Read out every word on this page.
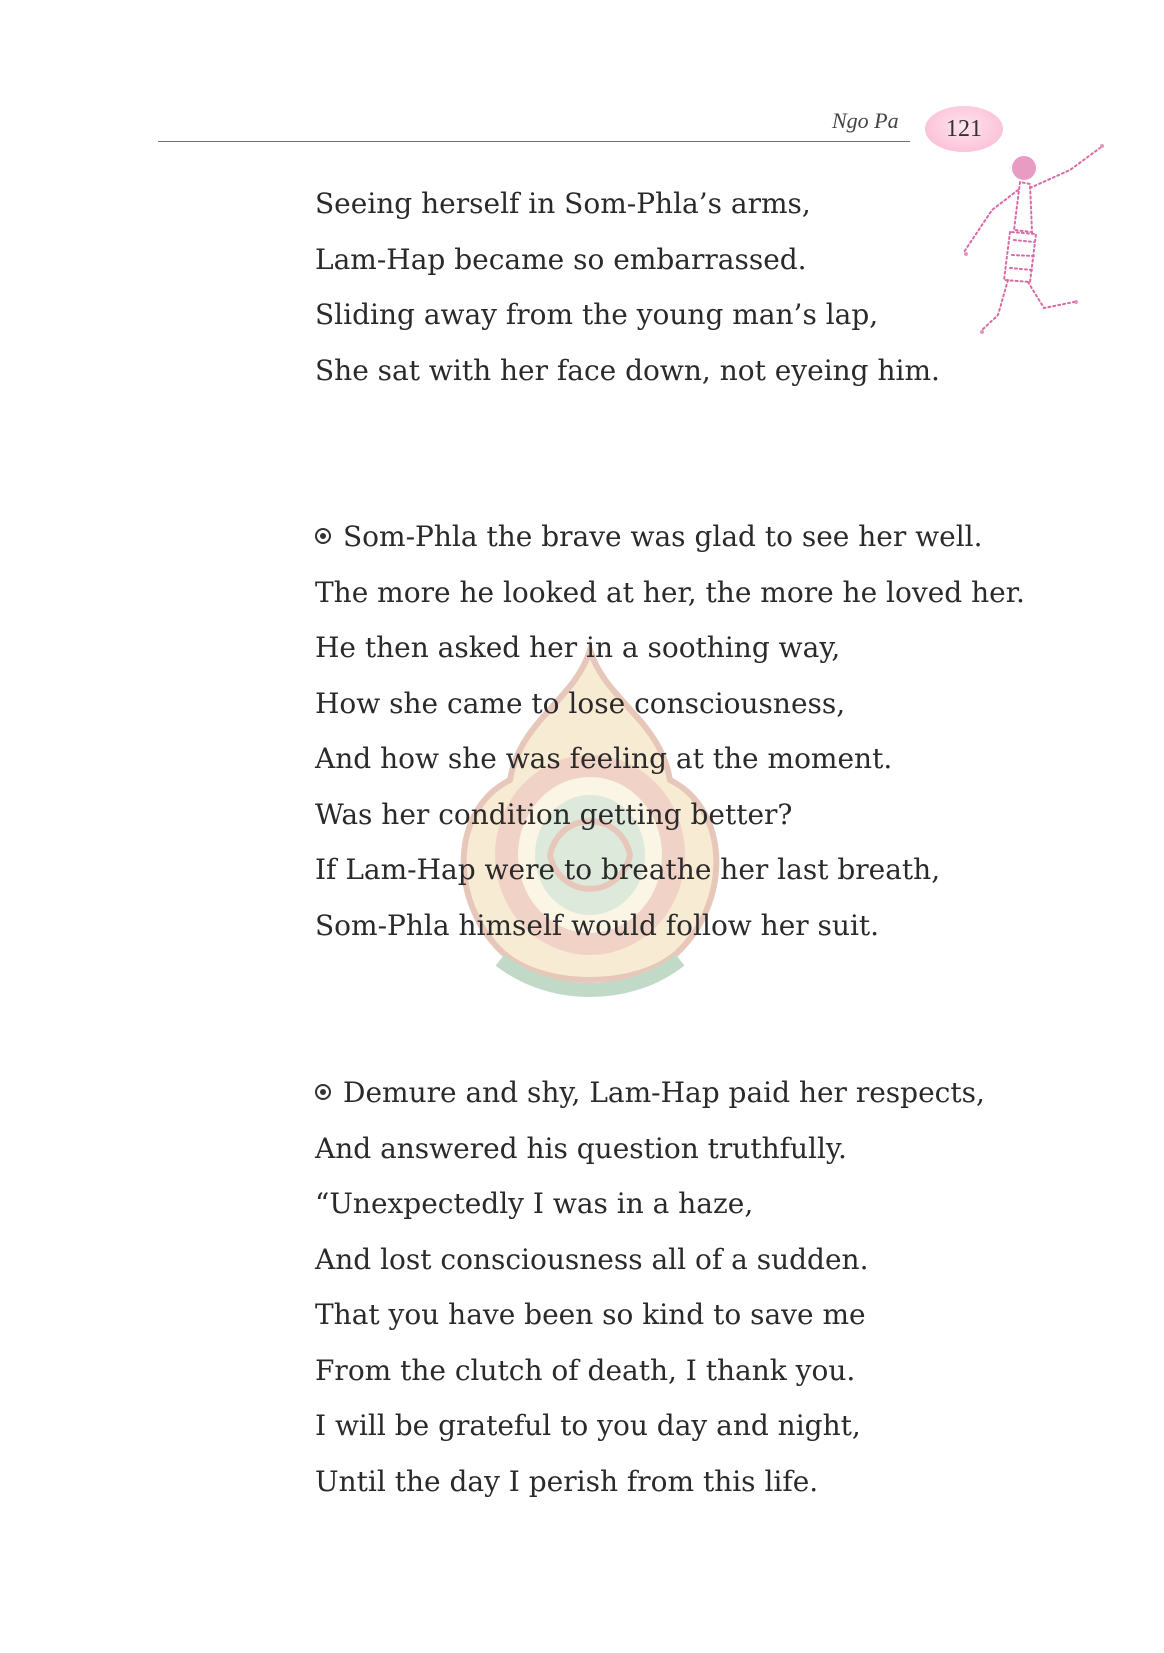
Ngo Pa 121
Seeing herself in Som-Phla’s arms,
Lam-Hap became so embarrassed.
Sliding away from the young man’s lap,
She sat with her face down, not eyeing him.
Som-Phla the brave was glad to see her well.
The more he looked at her, the more he loved her.
He then asked her in a soothing way,
How she came to lose consciousness,
And how she was feeling at the moment.
Was her condition getting better?
If Lam-Hap were to breathe her last breath,
Som-Phla himself would follow her suit.
Demure and shy, Lam-Hap paid her respects,
And answered his question truthfully.
“Unexpectedly I was in a haze,
And lost consciousness all of a sudden.
That you have been so kind to save me
From the clutch of death, I thank you.
I will be grateful to you day and night,
Until the day I perish from this life.
